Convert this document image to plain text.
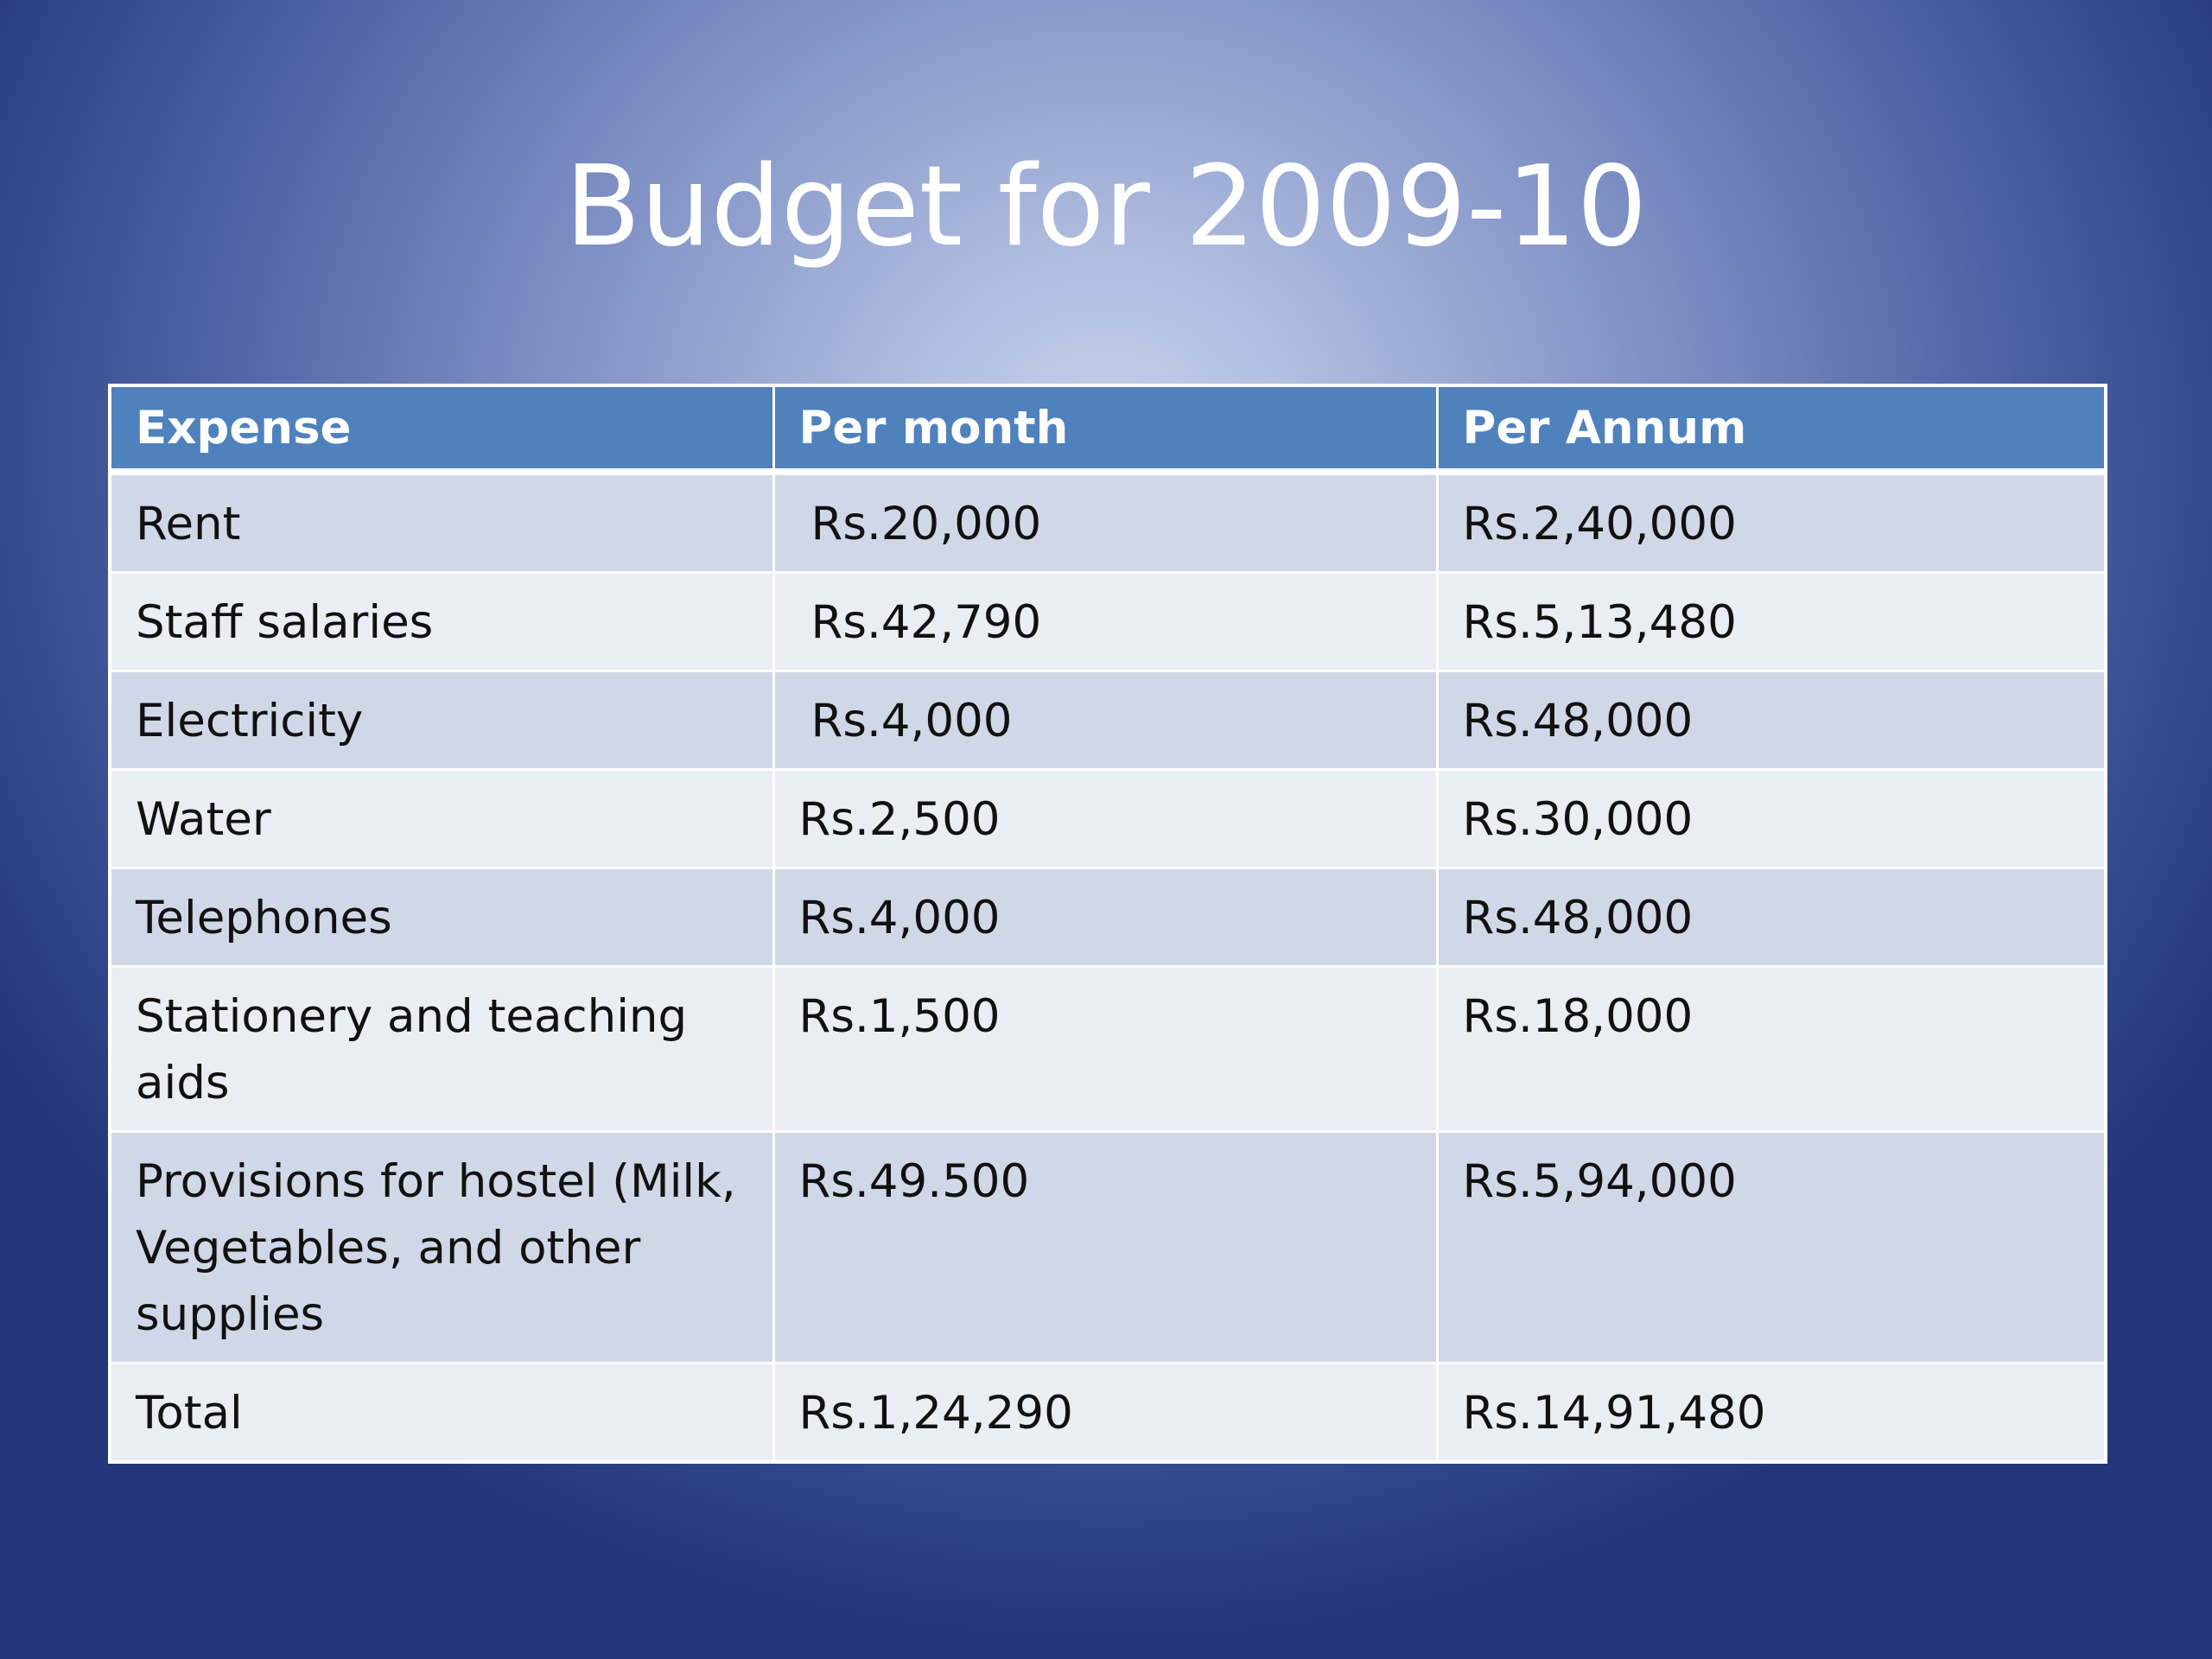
Budget for 2009-10
Expense	Per month	Per Annum
Rent	Rs.20,000	Rs.2,40,000
Staff salaries	Rs.42,790	Rs.5,13,480
Electricity	Rs.4,000	Rs.48,000
Water	Rs.2,500	Rs.30,000
Telephones	Rs.4,000	Rs.48,000
Stationery and teaching aids	Rs.1,500	Rs.18,000
Provisions for hostel (Milk, Vegetables, and other supplies	Rs.49.500	Rs.5,94,000
Total	Rs.1,24,290	Rs.14,91,480
